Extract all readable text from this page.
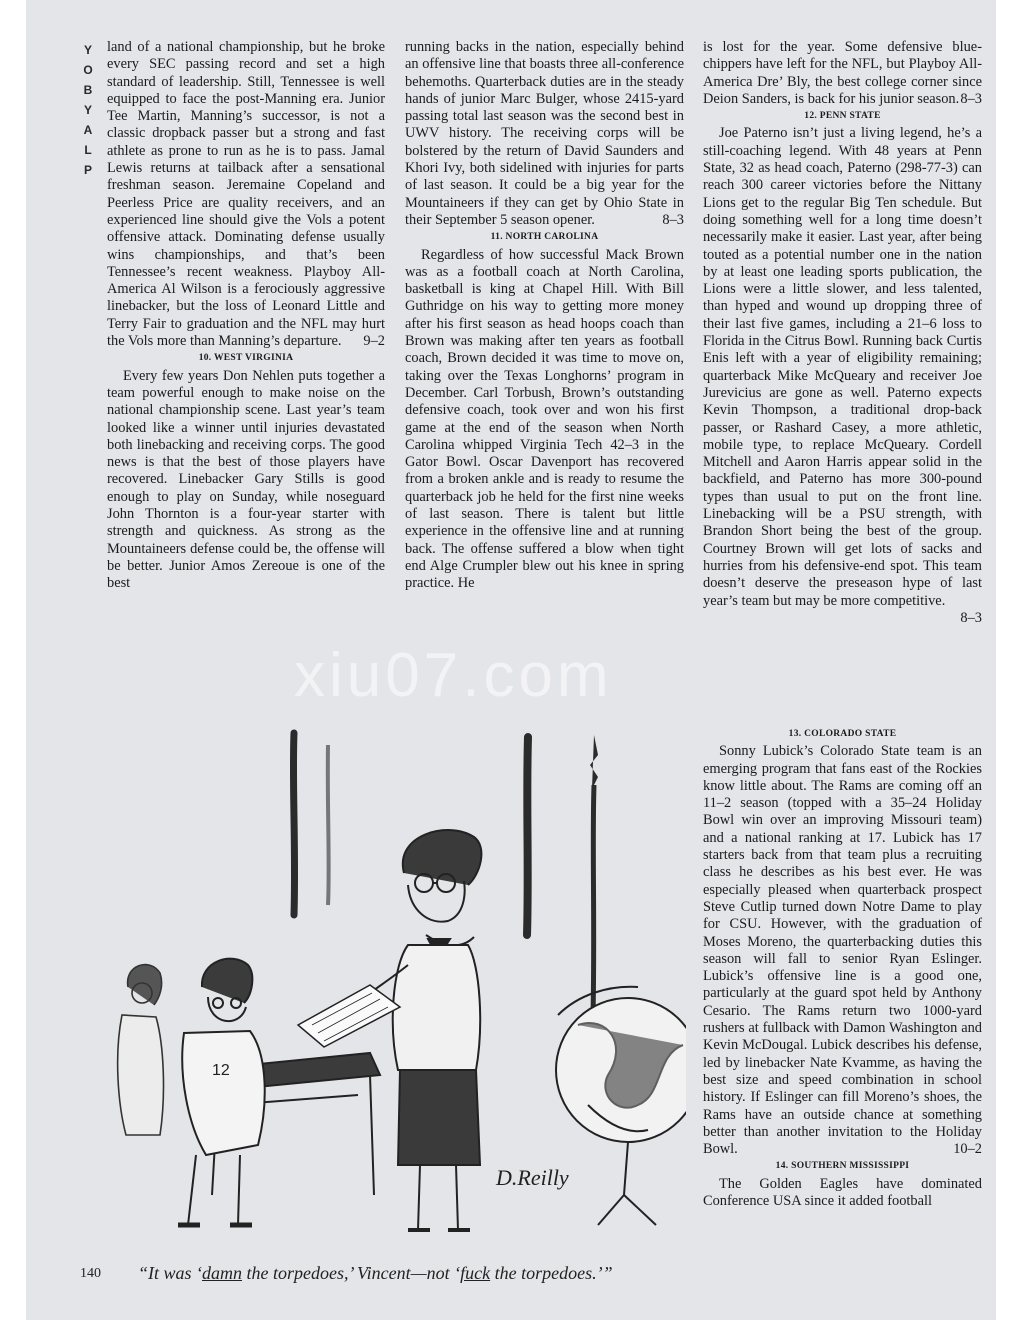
Y
O
B
Y
A
L
P

land of a national championship, but he broke every SEC passing record and set a high standard of leadership. Still, Tennessee is well equipped to face the post-Manning era. Junior Tee Martin, Manning’s successor, is not a classic dropback passer but a strong and fast athlete as prone to run as he is to pass. Jamal Lewis returns at tailback after a sensational freshman season. Jeremaine Copeland and Peerless Price are quality receivers, and an experienced line should give the Vols a potent offensive attack. Dominating defense usually wins championships, and that’s been Tennessee’s recent weakness. Playboy All-America Al Wilson is a ferociously aggressive linebacker, but the loss of Leonard Little and Terry Fair to graduation and the NFL may hurt the Vols more than Manning’s departure. 9–2

10. WEST VIRGINIA

Every few years Don Nehlen puts together a team powerful enough to make noise on the national championship scene. Last year’s team looked like a winner until injuries devastated both linebacking and receiving corps. The good news is that the best of those players have recovered. Linebacker Gary Stills is good enough to play on Sunday, while noseguard John Thornton is a four-year starter with strength and quickness. As strong as the Mountaineers defense could be, the offense will be better. Junior Amos Zereoue is one of the best

running backs in the nation, especially behind an offensive line that boasts three all-conference behemoths. Quarterback duties are in the steady hands of junior Marc Bulger, whose 2415-yard passing total last season was the second best in UWV history. The receiving corps will be bolstered by the return of David Saunders and Khori Ivy, both sidelined with injuries for parts of last season. It could be a big year for the Mountaineers if they can get by Ohio State in their September 5 season opener.	8–3

11. NORTH CAROLINA

Regardless of how successful Mack Brown was as a football coach at North Carolina, basketball is king at Chapel Hill. With Bill Guthridge on his way to getting more money after his first season as head hoops coach than Brown was making after ten years as football coach, Brown decided it was time to move on, taking over the Texas Longhorns’ program in December. Carl Torbush, Brown’s outstanding defensive coach, took over and won his first game at the end of the season when North Carolina whipped Virginia Tech 42–3 in the Gator Bowl. Oscar Davenport has recovered from a broken ankle and is ready to resume the quarterback job he held for the first nine weeks of last season. There is talent but little experience in the offensive line and at running back. The offense suffered a blow when tight end Alge Crumpler blew out his knee in spring practice. He

is lost for the year. Some defensive blue-chippers have left for the NFL, but Playboy All-America Dre’ Bly, the best college corner since Deion Sanders, is back for his junior season. 8–3

12. PENN STATE

Joe Paterno isn’t just a living legend, he’s a still-coaching legend. With 48 years at Penn State, 32 as head coach, Paterno (298-77-3) can reach 300 career victories before the Nittany Lions get to the regular Big Ten schedule. But doing something well for a long time doesn’t necessarily make it easier. Last year, after being touted as a potential number one in the nation by at least one leading sports publication, the Lions were a little slower, and less talented, than hyped and wound up dropping three of their last five games, including a 21–6 loss to Florida in the Citrus Bowl. Running back Curtis Enis left with a year of eligibility remaining; quarterback Mike McQueary and receiver Joe Jurevicius are gone as well. Paterno expects Kevin Thompson, a traditional drop-back passer, or Rashard Casey, a more athletic, mobile type, to replace McQueary. Cordell Mitchell and Aaron Harris appear solid in the backfield, and Paterno has more 300-pound types than usual to put on the front line. Linebacking will be a PSU strength, with Brandon Short being the best of the group. Courtney Brown will get lots of sacks and hurries from his defensive-end spot. This team doesn’t deserve the preseason hype of last year’s team but may be more competitive.
8–3

13. COLORADO STATE

Sonny Lubick’s Colorado State team is an emerging program that fans east of the Rockies know little about. The Rams are coming off an 11–2 season (topped with a 35–24 Holiday Bowl win over an improving Missouri team) and a national ranking at 17. Lubick has 17 starters back from that team plus a recruiting class he describes as his best ever. He was especially pleased when quarterback prospect Steve Cutlip turned down Notre Dame to play for CSU. However, with the graduation of Moses Moreno, the quarterbacking duties this season will fall to senior Ryan Eslinger. Lubick’s offensive line is a good one, particularly at the guard spot held by Anthony Cesario. The Rams return two 1000-yard rushers at fullback with Damon Washington and Kevin McDougal. Lubick describes his defense, led by linebacker Nate Kvamme, as having the best size and speed combination in school history. If Eslinger can fill Moreno’s shoes, the Rams have an outside chance at something better than another invitation to the Holiday Bowl.	10–2

14. SOUTHERN MISSISSIPPI

The Golden Eagles have dominated Conference USA since it added football

12
D.Reilly
“It was ‘damn the torpedoes,’ Vincent—not ‘fuck the torpedoes.’”
140
xiu07.com
